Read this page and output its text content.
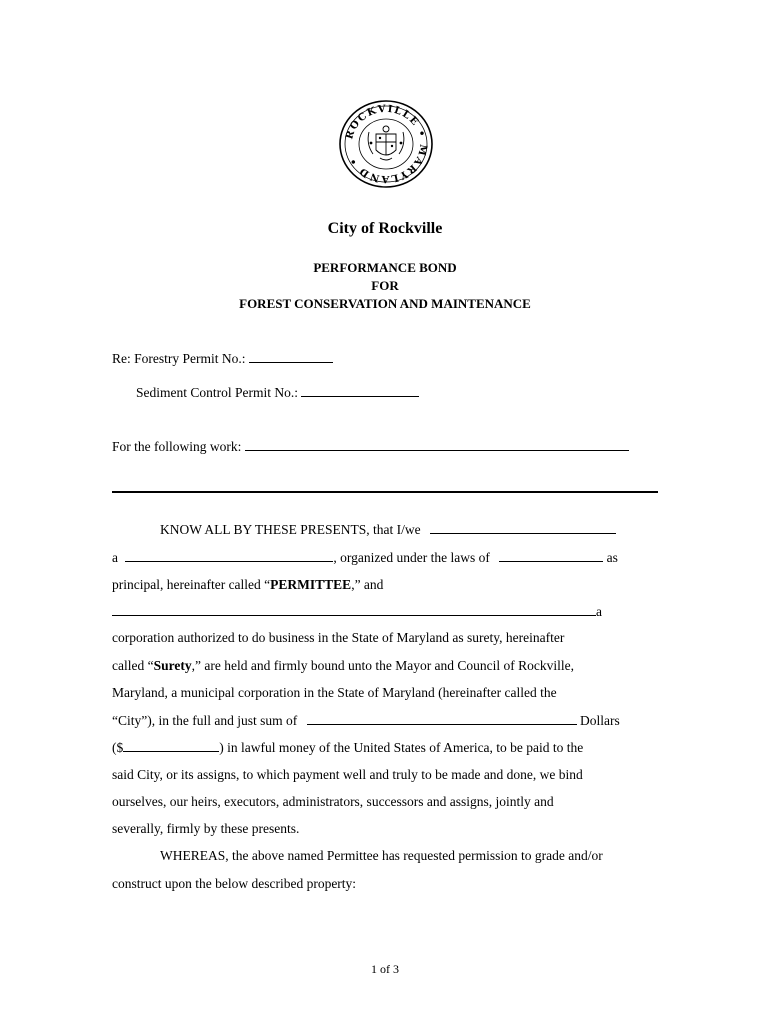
ROCKVILLE • MARYLAND •
City of Rockville
PERFORMANCE BOND
FOR
FOREST CONSERVATION AND MAINTENANCE
Re: Forestry Permit No.:
Sediment Control Permit No.:
For the following work:
KNOW ALL BY THESE PRESENTS, that I/we
a	, organized under the laws of	as
principal, hereinafter called “PERMITTEE,” and
a
corporation authorized to do business in the State of Maryland as surety, hereinafter
called “Surety,” are held and firmly bound unto the Mayor and Council of Rockville,
Maryland, a municipal corporation in the State of Maryland (hereinafter called the
“City”), in the full and just sum of	Dollars
($	) in lawful money of the United States of America, to be paid to the
said City, or its assigns, to which payment well and truly to be made and done, we bind
ourselves, our heirs, executors, administrators, successors and assigns, jointly and
severally, firmly by these presents.
WHEREAS, the above named Permittee has requested permission to grade and/or
construct upon the below described property:
1 of 3
